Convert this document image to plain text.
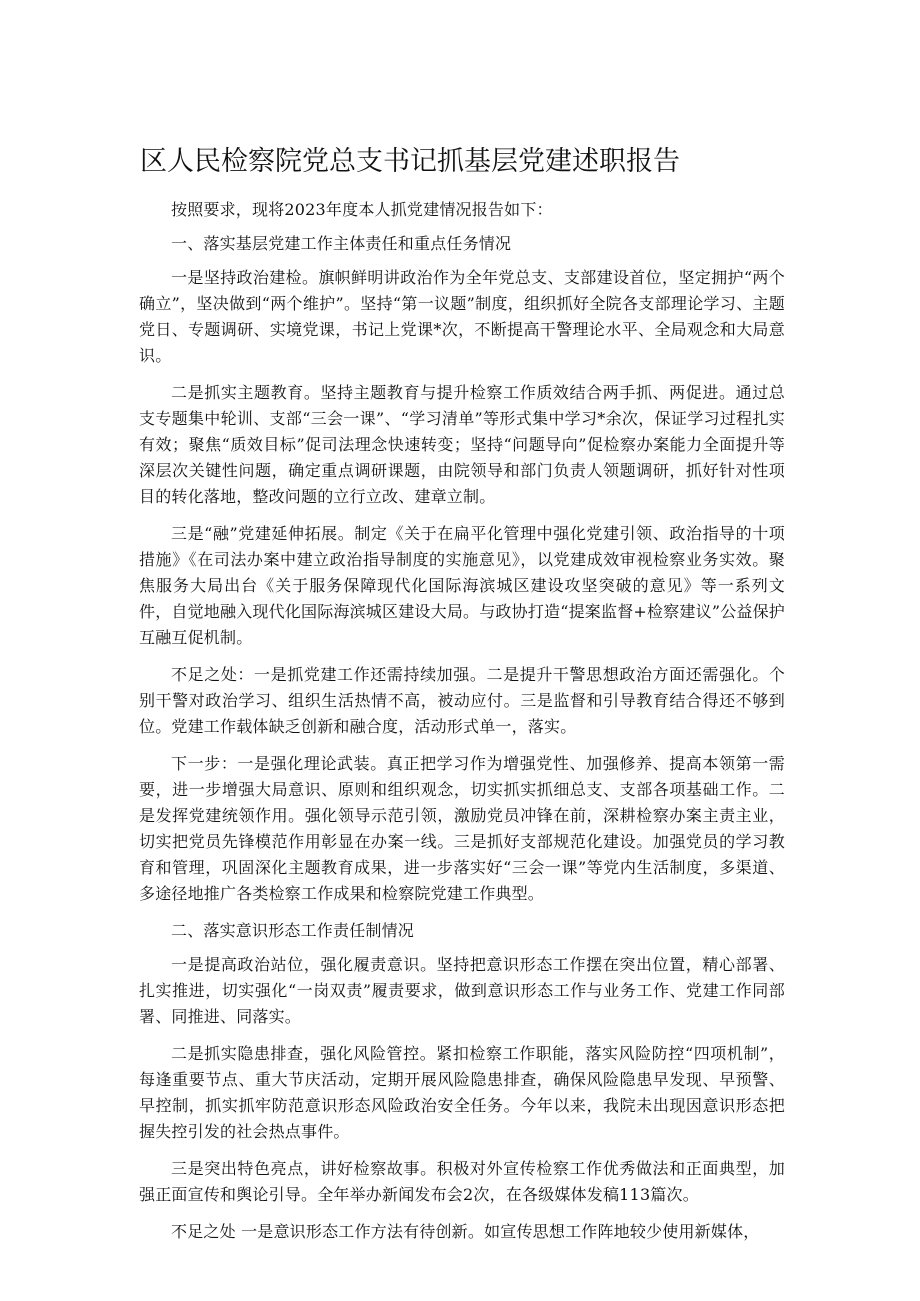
区人民检察院党总支书记抓基层党建述职报告

按照要求，现将2023年度本人抓党建情况报告如下：

一、落实基层党建工作主体责任和重点任务情况

一是坚持政治建检。旗帜鲜明讲政治作为全年党总支、支部建设首位，坚定拥护“两个确立”，坚决做到“两个维护”。坚持“第一议题”制度，组织抓好全院各支部理论学习、主题党日、专题调研、实境党课，书记上党课*次，不断提高干警理论水平、全局观念和大局意识。

二是抓实主题教育。坚持主题教育与提升检察工作质效结合两手抓、两促进。通过总支专题集中轮训、支部“三会一课”、“学习清单”等形式集中学习*余次，保证学习过程扎实有效；聚焦“质效目标”促司法理念快速转变；坚持“问题导向”促检察办案能力全面提升等深层次关键性问题，确定重点调研课题，由院领导和部门负责人领题调研，抓好针对性项目的转化落地，整改问题的立行立改、建章立制。

三是“融”党建延伸拓展。制定《关于在扁平化管理中强化党建引领、政治指导的十项措施》《在司法办案中建立政治指导制度的实施意见》，以党建成效审视检察业务实效。聚焦服务大局出台《关于服务保障现代化国际海滨城区建设攻坚突破的意见》等一系列文件，自觉地融入现代化国际海滨城区建设大局。与政协打造“提案监督+检察建议”公益保护互融互促机制。

不足之处：一是抓党建工作还需持续加强。二是提升干警思想政治方面还需强化。个别干警对政治学习、组织生活热情不高，被动应付。三是监督和引导教育结合得还不够到位。党建工作载体缺乏创新和融合度，活动形式单一，落实。

下一步：一是强化理论武装。真正把学习作为增强党性、加强修养、提高本领第一需要，进一步增强大局意识、原则和组织观念，切实抓实抓细总支、支部各项基础工作。二是发挥党建统领作用。强化领导示范引领，激励党员冲锋在前，深耕检察办案主责主业，切实把党员先锋模范作用彰显在办案一线。三是抓好支部规范化建设。加强党员的学习教育和管理，巩固深化主题教育成果，进一步落实好“三会一课”等党内生活制度，多渠道、多途径地推广各类检察工作成果和检察院党建工作典型。

二、落实意识形态工作责任制情况

一是提高政治站位，强化履责意识。坚持把意识形态工作摆在突出位置，精心部署、扎实推进，切实强化“一岗双责”履责要求，做到意识形态工作与业务工作、党建工作同部署、同推进、同落实。

二是抓实隐患排查，强化风险管控。紧扣检察工作职能，落实风险防控“四项机制”，每逢重要节点、重大节庆活动，定期开展风险隐患排查，确保风险隐患早发现、早预警、早控制，抓实抓牢防范意识形态风险政治安全任务。今年以来，我院未出现因意识形态把握失控引发的社会热点事件。

三是突出特色亮点，讲好检察故事。积极对外宣传检察工作优秀做法和正面典型，加强正面宣传和舆论引导。全年举办新闻发布会2次，在各级媒体发稿113篇次。

不足之处 一是意识形态工作方法有待创新。如宣传思想工作阵地较少使用新媒体，
